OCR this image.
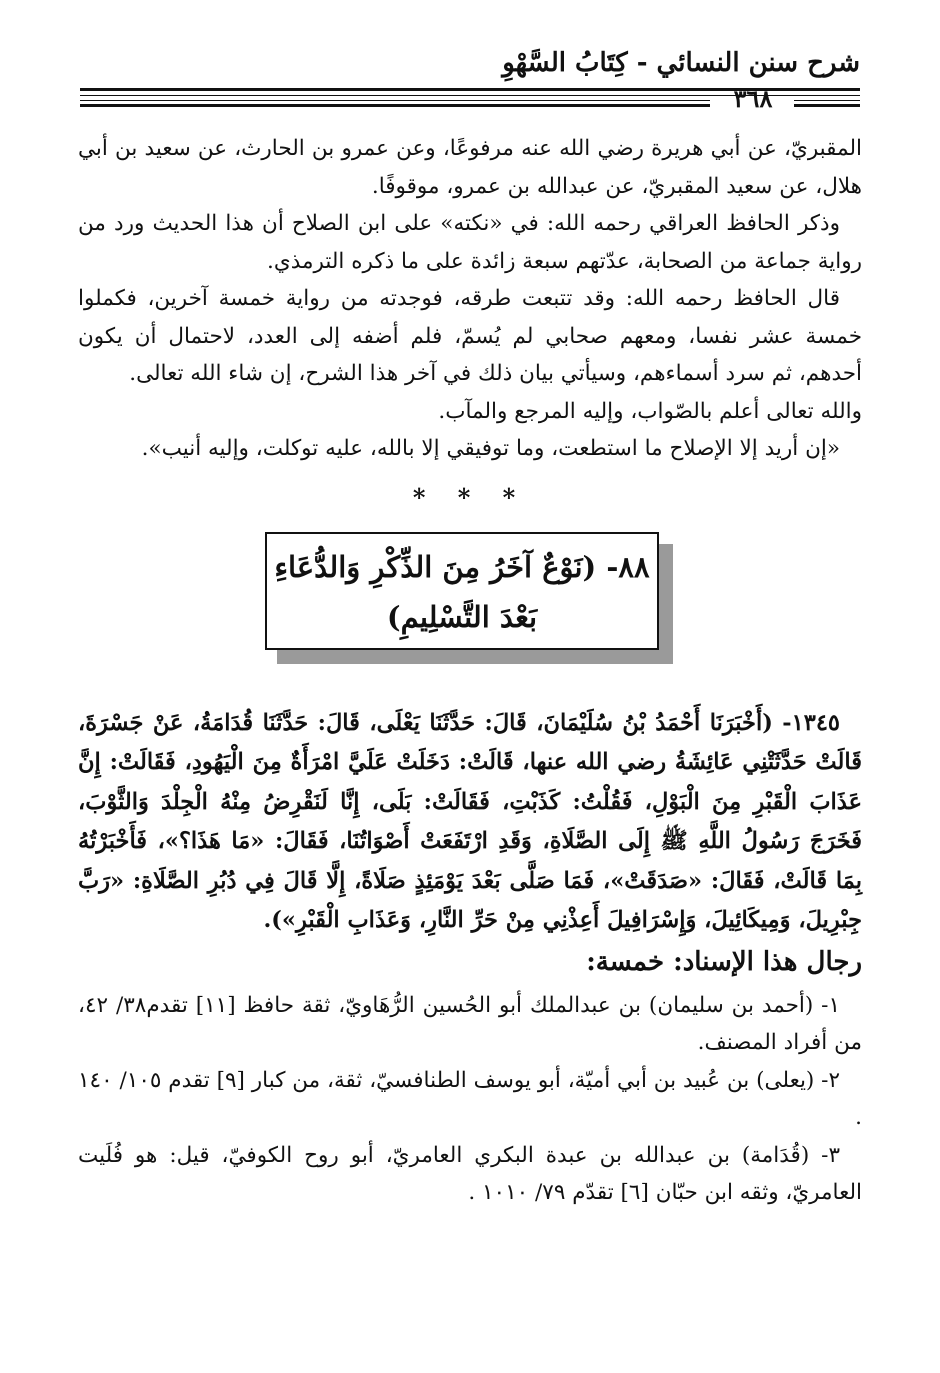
شرح سنن النسائي - كِتَابُ السَّهْوِ
٣٦٨

المقبريّ، عن أبي هريرة رضي الله عنه مرفوعًا، وعن عمرو بن الحارث، عن سعيد بن أبي هلال، عن سعيد المقبريّ، عن عبدالله بن عمرو، موقوفًا.

وذكر الحافظ العراقي رحمه الله: في «نكته» على ابن الصلاح أن هذا الحديث ورد من رواية جماعة من الصحابة، عدّتهم سبعة زائدة على ما ذكره الترمذي.

قال الحافظ رحمه الله: وقد تتبعت طرقه، فوجدته من رواية خمسة آخرين، فكملوا خمسة عشر نفسا، ومعهم صحابي لم يُسمّ، فلم أضفه إلى العدد، لاحتمال أن يكون أحدهم، ثم سرد أسماءهم، وسيأتي بيان ذلك في آخر هذا الشرح، إن شاء الله تعالى.

والله تعالى أعلم بالصّواب، وإليه المرجع والمآب.

«إن أريد إلا الإصلاح ما استطعت، وما توفيقي إلا بالله، عليه توكلت، وإليه أنيب».

* * *
٨٨- (نَوْعٌ آخَرُ مِنَ الذِّكْرِ وَالدُّعَاءِ
بَعْدَ التَّسْلِيمِ)

١٣٤٥- (أَخْبَرَنَا أَحْمَدُ بْنُ سُلَيْمَانَ، قَالَ: حَدَّثَنَا يَعْلَى، قَالَ: حَدَّثَنَا قُدَامَةُ، عَنْ جَسْرَةَ، قَالَتْ حَدَّثَتْنِي عَائِشَةُ رضي الله عنها، قَالَتْ: دَخَلَتْ عَلَيَّ امْرَأَةٌ مِنَ الْيَهُودِ، فَقَالَتْ: إِنَّ عَذَابَ الْقَبْرِ مِنَ الْبَوْلِ، فَقُلْتُ: كَذَبْتِ، فَقَالَتْ: بَلَى، إِنَّا لَنَقْرِضُ مِنْهُ الْجِلْدَ وَالثَّوْبَ، فَخَرَجَ رَسُولُ اللَّهِ ﷺ إِلَى الصَّلَاةِ، وَقَدِ ارْتَفَعَتْ أَصْوَاتُنَا، فَقَالَ: «مَا هَذَا؟»، فَأَخْبَرْتُهُ بِمَا قَالَتْ، فَقَالَ: «صَدَقَتْ»، فَمَا صَلَّى بَعْدَ يَوْمَئِذٍ صَلَاةً، إِلَّا قَالَ فِي دُبُرِ الصَّلَاةِ: «رَبَّ جِبْرِيلَ، وَمِيكَائِيلَ، وَإِسْرَافِيلَ أَعِذْنِي مِنْ حَرِّ النَّارِ، وَعَذَابِ الْقَبْرِ»).

رجال هذا الإسناد: خمسة:

١- (أحمد بن سليمان) بن عبدالملك أبو الحُسين الرُّهَاويّ، ثقة حافظ [١١] تقدم٣٨/ ٤٢، من أفراد المصنف.

٢- (يعلى) بن عُبيد بن أبي أميّة، أبو يوسف الطنافسيّ، ثقة، من كبار [٩] تقدم ١٠٥/ ١٤٠ .

٣- (قُدَامة) بن عبدالله بن عبدة البكري العامريّ، أبو روح الكوفيّ، قيل: هو فُلَيت العامريّ، وثقه ابن حبّان [٦] تقدّم ٧٩/ ١٠١٠ .
